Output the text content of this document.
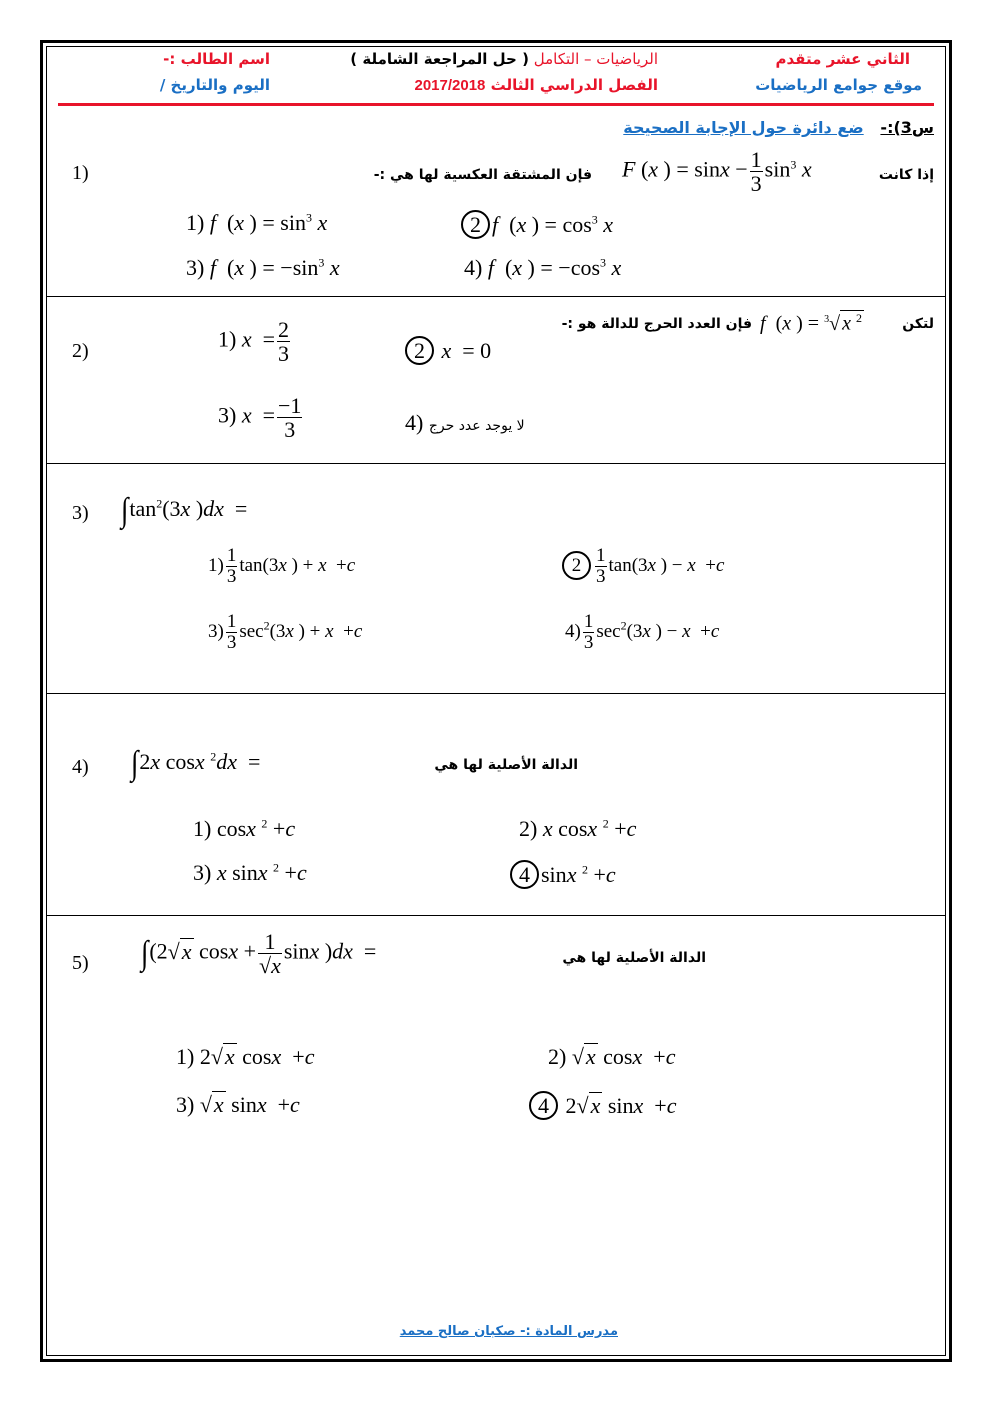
الثاني عشر متقدم
الرياضيات – التكامل ( حل المراجعة الشاملة )
اسم الطالب :-
موقع جوامع الرياضيات
الفصل الدراسي الثالث 2017/2018
اليوم والتاريخ /
س3):-   ضع دائرة حول الإجابة الصحيحة
1)	إذا كانت
F (x ) = $\sin x - \frac{1}{3} \sin^3 x$
فإن المشتقة العكسية لها هي :-
1) f  (x ) = $\sin^3 x$	2 f  (x ) = $\cos^3 x$
3) f  (x ) = $-\sin^3$ x	4) f  (x ) = $-\cos^3$ x
2)
لتكن
f  (x ) = $^3$√ x $^2$
فإن العدد الحرج للدالة هو :-
1) $x = \frac{2}{3}$	2 x  = 0
3) $x = \frac{-1}{3}$	4) لا يوجد عدد حرج
3) $\int\tan^2(3x$ )dx  =
$1) \frac{1}{3} \tan(3x$ ) + x  +c	$2 \frac{1}{3} \tan(3x$ ) − x  +c
$3) \frac{1}{3} \sec^2(3x$ ) + x  +c	$4) \frac{1}{3} \sec^2(3x$ ) − x  +c
4) ∫2x cosx $^2$dx  =	الدالة الأصلية لها هي
1) cosx $^2$ +c	2) x cosx $^2$ +c
3) x sinx $^2$ +c	4 sinx $^2$ +c
5) ∫(2√x $\cos x + \frac{1}{√x}$ sinx )dx  =	الدالة الأصلية لها هي
1) 2√x cosx  +c	2) √x cosx  +c
3) √x sinx  +c	4 2√x sinx  +c
مدرس المادة :- صكبان صالح محمد
